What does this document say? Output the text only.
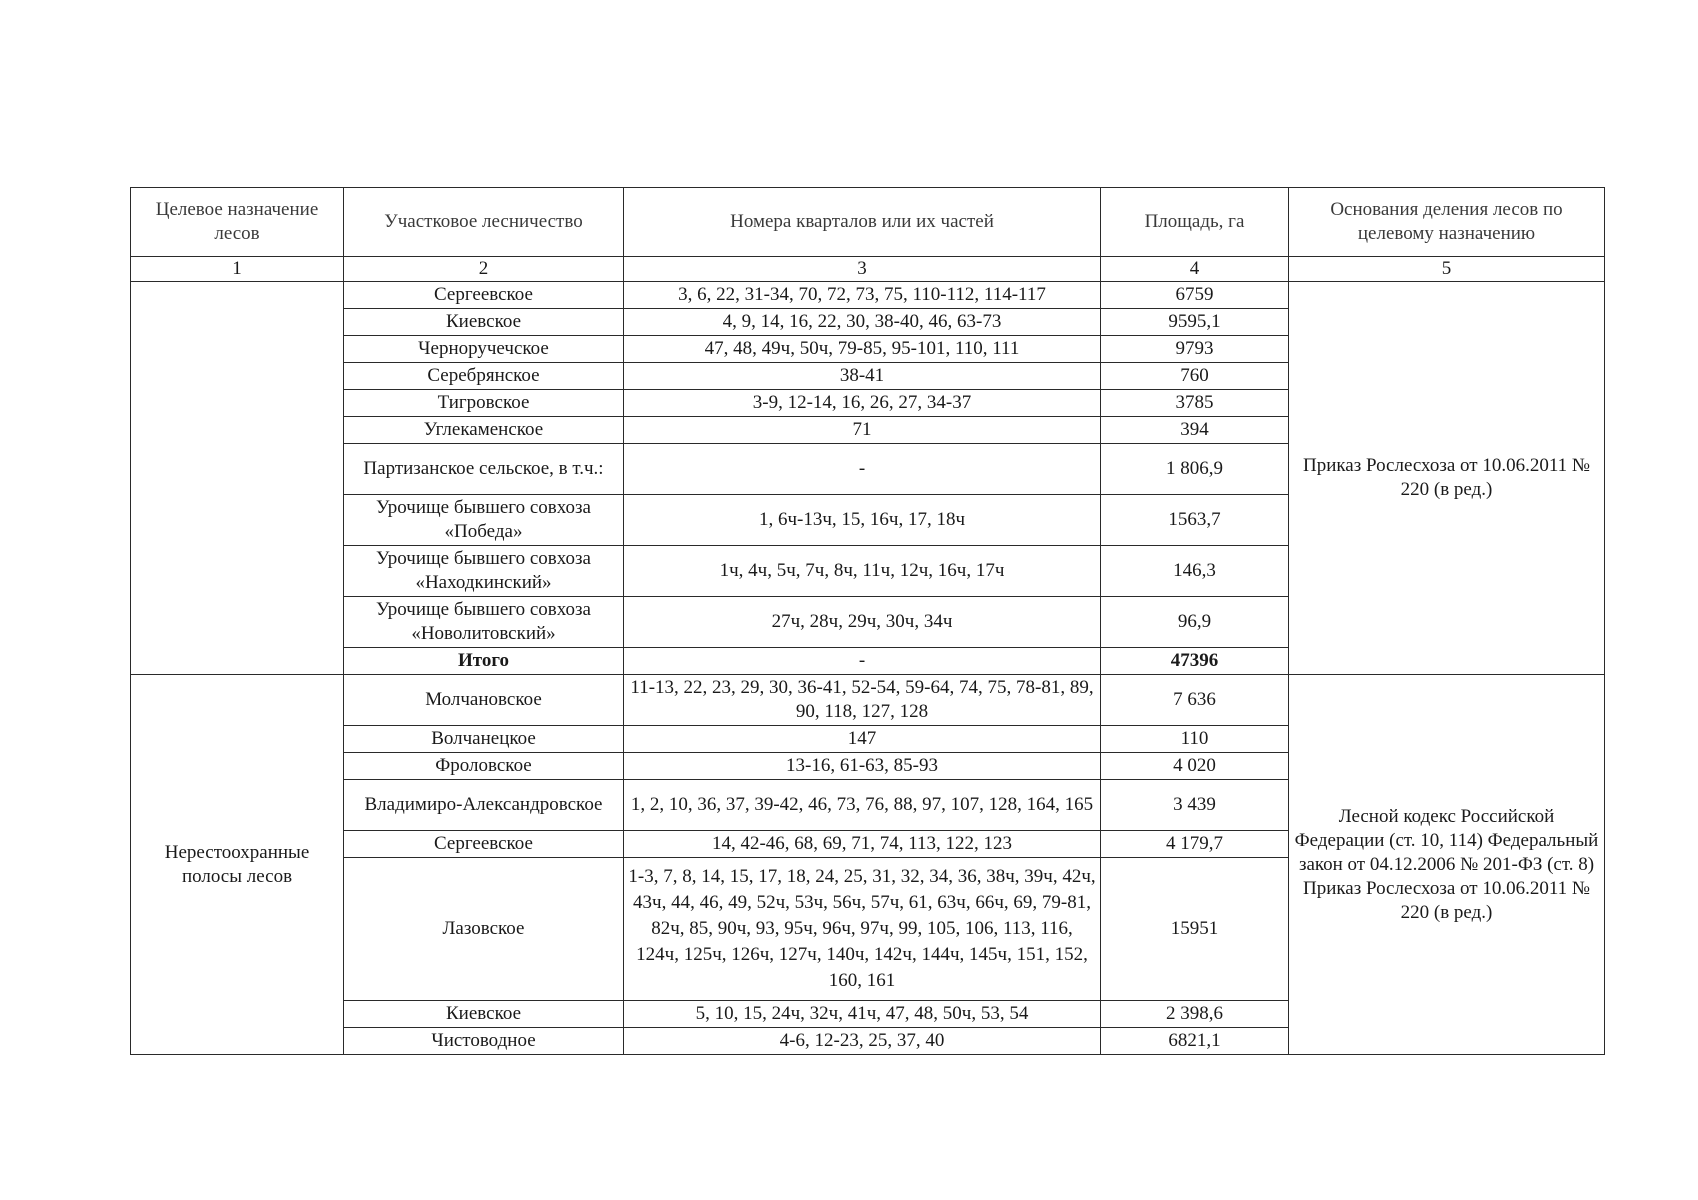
Целевое назначение лесов	Участковое лесничество	Номера кварталов или их частей	Площадь, га	Основания деления лесов по целевому назначению
1	2	3	4	5
	Сергеевское	3, 6, 22, 31-34, 70, 72, 73, 75, 110-112, 114-117	6759	Приказ Рослесхоза от 10.06.2011 № 220 (в ред.)
	Киевское	4, 9, 14, 16, 22, 30, 38-40, 46, 63-73	9595,1	
	Черноручечское	47, 48, 49ч, 50ч, 79-85, 95-101, 110, 111	9793	
	Серебрянское	38-41	760	
	Тигровское	3-9, 12-14, 16, 26, 27, 34-37	3785	
	Углекаменское	71	394	
	Партизанское сельское, в т.ч.:	-	1 806,9	
	Урочище бывшего совхоза «Победа»	1, 6ч-13ч, 15, 16ч, 17, 18ч	1563,7	
	Урочище бывшего совхоза «Находкинский»	1ч, 4ч, 5ч, 7ч, 8ч, 11ч, 12ч, 16ч, 17ч	146,3	
	Урочище бывшего совхоза «Новолитовский»	27ч, 28ч, 29ч, 30ч, 34ч	96,9	
	Итого	-	47396	
Нерестоохранные полосы лесов	Молчановское	11-13, 22, 23, 29, 30, 36-41, 52-54, 59-64, 74, 75, 78-81, 89, 90, 118, 127, 128	7 636	Лесной кодекс Российской Федерации (ст. 10, 114) Федеральный закон от 04.12.2006 № 201-ФЗ (ст. 8) Приказ Рослесхоза от 10.06.2011 № 220 (в ред.)
	Волчанецкое	147	110	
	Фроловское	13-16, 61-63, 85-93	4 020	
	Владимиро-Александровское	1, 2, 10, 36, 37, 39-42, 46, 73, 76, 88, 97, 107, 128, 164, 165	3 439	
	Сергеевское	14, 42-46, 68, 69, 71, 74, 113, 122, 123	4 179,7	
	Лазовское	1-3, 7, 8, 14, 15, 17, 18, 24, 25, 31, 32, 34, 36, 38ч, 39ч, 42ч, 43ч, 44, 46, 49, 52ч, 53ч, 56ч, 57ч, 61, 63ч, 66ч, 69, 79-81, 82ч, 85, 90ч, 93, 95ч, 96ч, 97ч, 99, 105, 106, 113, 116, 124ч, 125ч, 126ч, 127ч, 140ч, 142ч, 144ч, 145ч, 151, 152, 160, 161	15951	
	Киевское	5, 10, 15, 24ч, 32ч, 41ч, 47, 48, 50ч, 53, 54	2 398,6	
	Чистоводное	4-6, 12-23, 25, 37, 40	6821,1	
